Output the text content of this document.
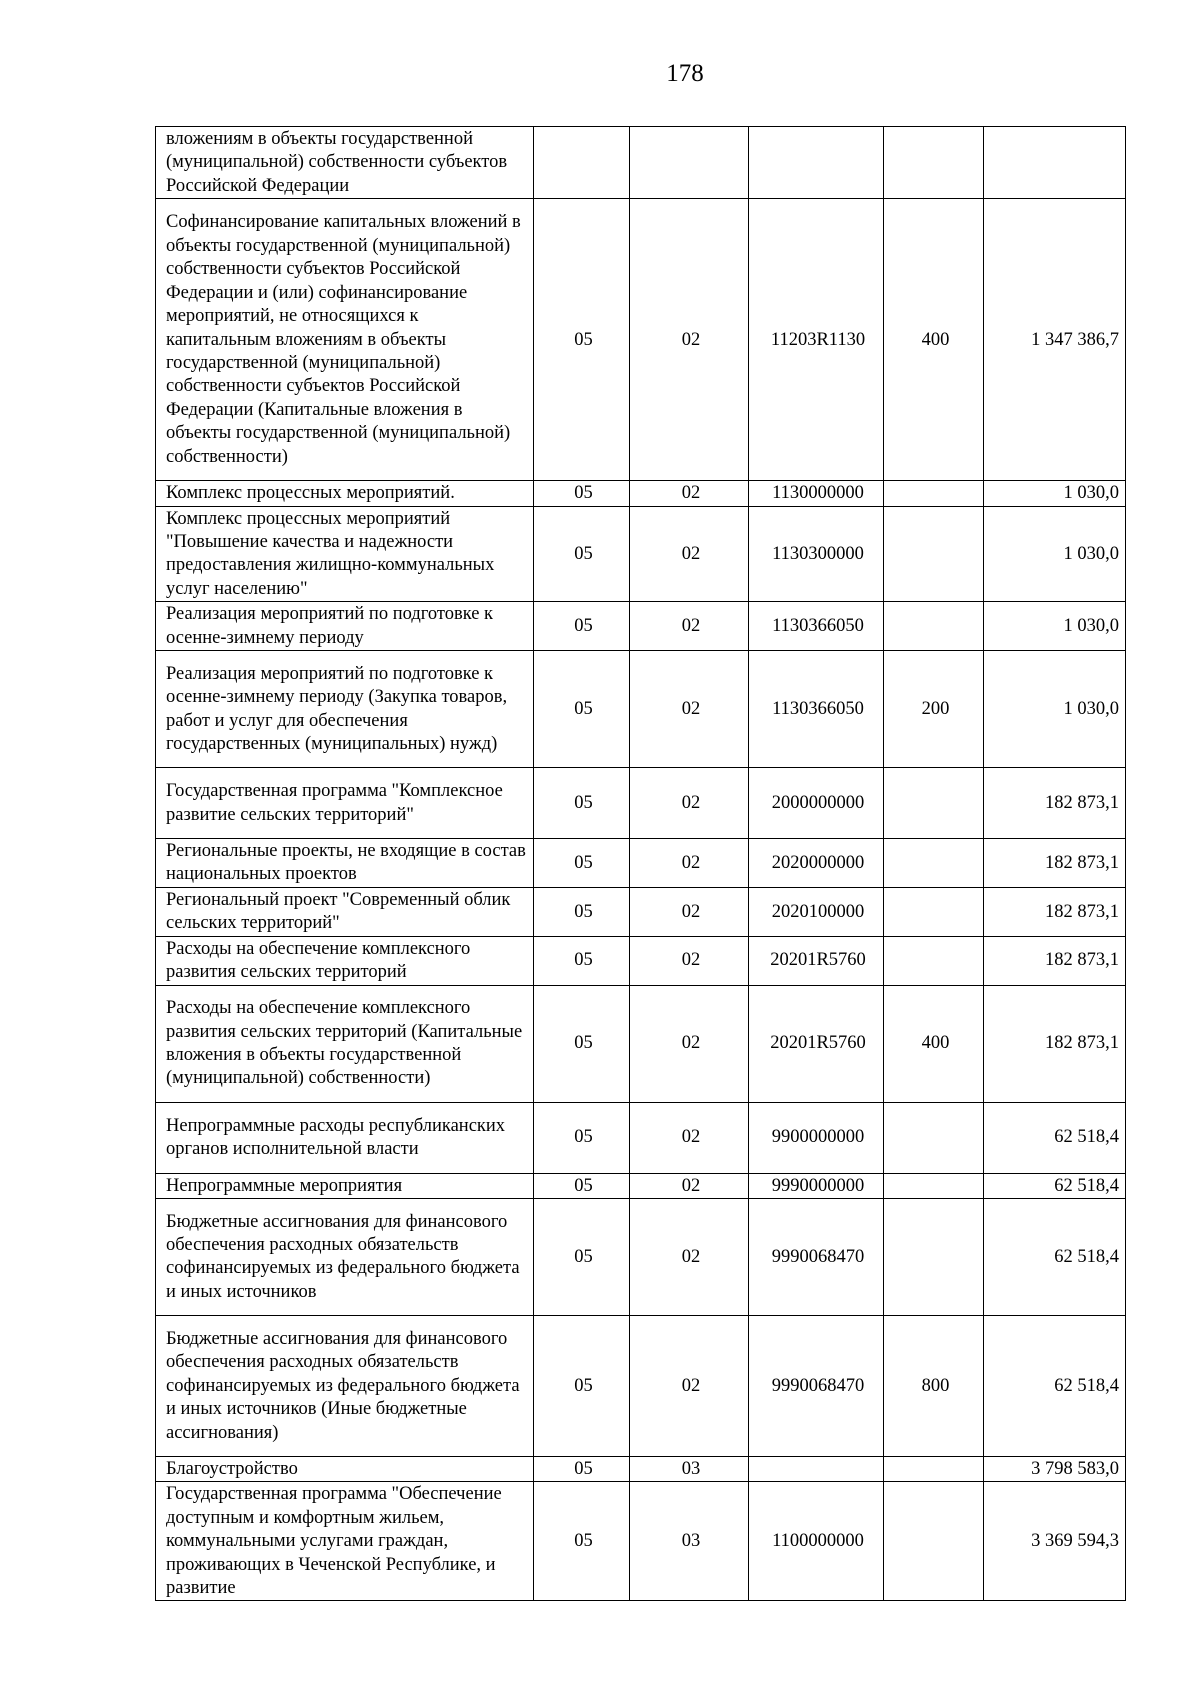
178
вложениям в объекты государственной (муниципальной) собственности субъектов Российской Федерации					
Софинансирование капитальных вложений в объекты государственной (муниципальной) собственности субъектов Российской Федерации и (или) софинансирование мероприятий, не относящихся к капитальным вложениям в объекты государственной (муниципальной) собственности субъектов Российской Федерации (Капитальные вложения в объекты государственной (муниципальной) собственности)	05	02	11203R1130	400	1 347 386,7
Комплекс процессных мероприятий.	05	02	1130000000		1 030,0
Комплекс процессных мероприятий "Повышение качества и надежности предоставления жилищно-коммунальных услуг населению"	05	02	1130300000		1 030,0
Реализация мероприятий по подготовке к осенне-зимнему периоду	05	02	1130366050		1 030,0
Реализация мероприятий по подготовке к осенне-зимнему периоду (Закупка товаров, работ и услуг для обеспечения государственных (муниципальных) нужд)	05	02	1130366050	200	1 030,0
Государственная программа "Комплексное развитие сельских территорий"	05	02	2000000000		182 873,1
Региональные проекты, не входящие в состав национальных проектов	05	02	2020000000		182 873,1
Региональный проект "Современный облик сельских территорий"	05	02	2020100000		182 873,1
Расходы на обеспечение комплексного развития сельских территорий	05	02	20201R5760		182 873,1
Расходы на обеспечение комплексного развития сельских территорий (Капитальные вложения в объекты государственной (муниципальной) собственности)	05	02	20201R5760	400	182 873,1
Непрограммные расходы республиканских органов исполнительной власти	05	02	9900000000		62 518,4
Непрограммные мероприятия	05	02	9990000000		62 518,4
Бюджетные ассигнования для финансового обеспечения расходных обязательств софинансируемых из федерального бюджета и иных источников	05	02	9990068470		62 518,4
Бюджетные ассигнования для финансового обеспечения расходных обязательств софинансируемых из федерального бюджета и иных источников (Иные бюджетные ассигнования)	05	02	9990068470	800	62 518,4
Благоустройство	05	03			3 798 583,0
Государственная программа "Обеспечение доступным и комфортным жильем, коммунальными услугами граждан, проживающих в Чеченской Республике, и развитие	05	03	1100000000		3 369 594,3
